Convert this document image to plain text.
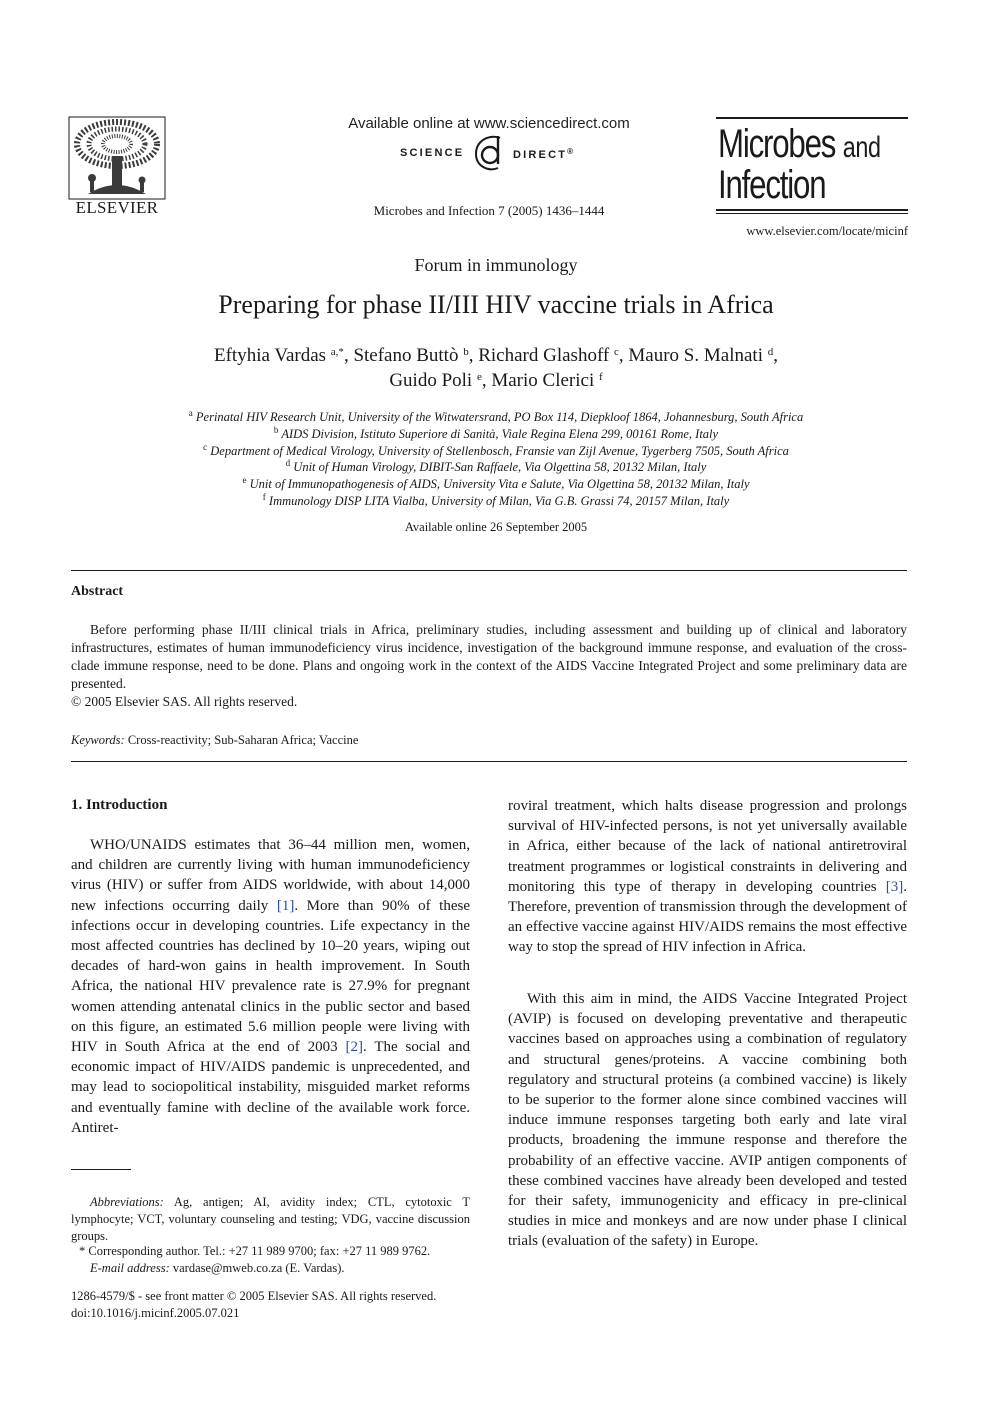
ELSEVIER
Available online at www.sciencedirect.com
SCIENCE	DIRECT®
Microbes and Infection 7 (2005) 1436–1444
Microbes and
Infection
www.elsevier.com/locate/micinf
Forum in immunology
Preparing for phase II/III HIV vaccine trials in Africa
Eftyhia Vardas $^{a,*}$, Stefano Buttò $^b$, Richard Glashoff $^c$, Mauro S. Malnati $^d$,
Guido Poli $^e$, Mario Clerici $^f$
$^a$ Perinatal HIV Research Unit, University of the Witwatersrand, PO Box 114, Diepkloof 1864, Johannesburg, South Africa
$^b$ AIDS Division, Istituto Superiore di Sanità, Viale Regina Elena 299, 00161 Rome, Italy
$^c$ Department of Medical Virology, University of Stellenbosch, Fransie van Zijl Avenue, Tygerberg 7505, South Africa
$^d$ Unit of Human Virology, DIBIT-San Raffaele, Via Olgettina 58, 20132 Milan, Italy
$^e$ Unit of Immunopathogenesis of AIDS, University Vita e Salute, Via Olgettina 58, 20132 Milan, Italy
$^f$ Immunology DISP LITA Vialba, University of Milan, Via G.B. Grassi 74, 20157 Milan, Italy
Available online 26 September 2005
Abstract
Before performing phase II/III clinical trials in Africa, preliminary studies, including assessment and building up of clinical and laboratory infrastructures, estimates of human immunodeficiency virus incidence, investigation of the background immune response, and evaluation of the cross-clade immune response, need to be done. Plans and ongoing work in the context of the AIDS Vaccine Integrated Project and some preliminary data are presented.
© 2005 Elsevier SAS. All rights reserved.
Keywords: Cross-reactivity; Sub-Saharan Africa; Vaccine
1. Introduction
WHO/UNAIDS estimates that 36–44 million men, women, and children are currently living with human immunodeficiency virus (HIV) or suffer from AIDS worldwide, with about 14,000 new infections occurring daily [1]. More than 90% of these infections occur in developing countries. Life expectancy in the most affected countries has declined by 10–20 years, wiping out decades of hard-won gains in health improvement. In South Africa, the national HIV prevalence rate is 27.9% for pregnant women attending antenatal clinics in the public sector and based on this figure, an estimated 5.6 million people were living with HIV in South Africa at the end of 2003 [2]. The social and economic impact of HIV/AIDS pandemic is unprecedented, and may lead to sociopolitical instability, misguided market reforms and eventually famine with decline of the available work force. Antiret-
roviral treatment, which halts disease progression and prolongs survival of HIV-infected persons, is not yet universally available in Africa, either because of the lack of national antiretroviral treatment programmes or logistical constraints in delivering and monitoring this type of therapy in developing countries [3]. Therefore, prevention of transmission through the development of an effective vaccine against HIV/AIDS remains the most effective way to stop the spread of HIV infection in Africa.
With this aim in mind, the AIDS Vaccine Integrated Project (AVIP) is focused on developing preventative and therapeutic vaccines based on approaches using a combination of regulatory and structural genes/proteins. A vaccine combining both regulatory and structural proteins (a combined vaccine) is likely to be superior to the former alone since combined vaccines will induce immune responses targeting both early and late viral products, broadening the immune response and therefore the probability of an effective vaccine. AVIP antigen components of these combined vaccines have already been developed and tested for their safety, immunogenicity and efficacy in pre-clinical studies in mice and monkeys and are now under phase I clinical trials (evaluation of the safety) in Europe.
Abbreviations: Ag, antigen; AI, avidity index; CTL, cytotoxic T lymphocyte; VCT, voluntary counseling and testing; VDG, vaccine discussion groups.
* Corresponding author. Tel.: +27 11 989 9700; fax: +27 11 989 9762.
E-mail address: vardase@mweb.co.za (E. Vardas).
1286-4579/$ - see front matter © 2005 Elsevier SAS. All rights reserved.
doi:10.1016/j.micinf.2005.07.021
